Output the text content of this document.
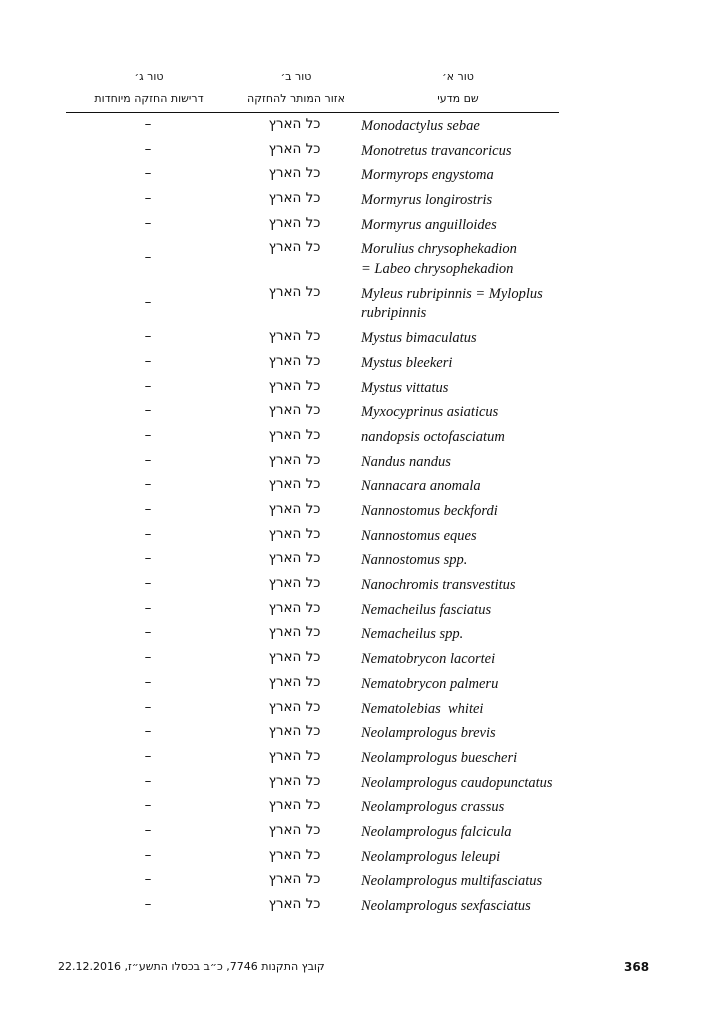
טור א׳
טור ב׳
טור ג׳
שם מדעי
אזור המותר להחזקה
דרישות החזקה מיוחדות
Monodactylus sebae
כל הארץ
–
Monotretus travancoricus
כל הארץ
–
Mormyrops engystoma
כל הארץ
–
Mormyrus longirostris
כל הארץ
–
Mormyrus anguilloides
כל הארץ
–
Morulius chrysophekadion
= Labeo chrysophekadion
כל הארץ
–
Myleus rubripinnis = Myloplus
rubripinnis
כל הארץ
–
Mystus bimaculatus
כל הארץ
–
Mystus bleekeri
כל הארץ
–
Mystus vittatus
כל הארץ
–
Myxocyprinus asiaticus
כל הארץ
–
nandopsis octofasciatum
כל הארץ
–
Nandus nandus
כל הארץ
–
Nannacara anomala
כל הארץ
–
Nannostomus beckfordi
כל הארץ
–
Nannostomus eques
כל הארץ
–
Nannostomus spp.
כל הארץ
–
Nanochromis transvestitus
כל הארץ
–
Nemacheilus fasciatus
כל הארץ
–
Nemacheilus spp.
כל הארץ
–
Nematobrycon lacortei
כל הארץ
–
Nematobrycon palmeru
כל הארץ
–
Nematolebias  whitei
כל הארץ
–
Neolamprologus brevis
כל הארץ
–
Neolamprologus buescheri
כל הארץ
–
Neolamprologus caudopunctatus
כל הארץ
–
Neolamprologus crassus
כל הארץ
–
Neolamprologus falcicula
כל הארץ
–
Neolamprologus leleupi
כל הארץ
–
Neolamprologus multifasciatus
כל הארץ
–
Neolamprologus sexfasciatus
כל הארץ
–
קובץ התקנות 7746, כ״ב בכסלו התשע״ז, 22.12.2016	368
